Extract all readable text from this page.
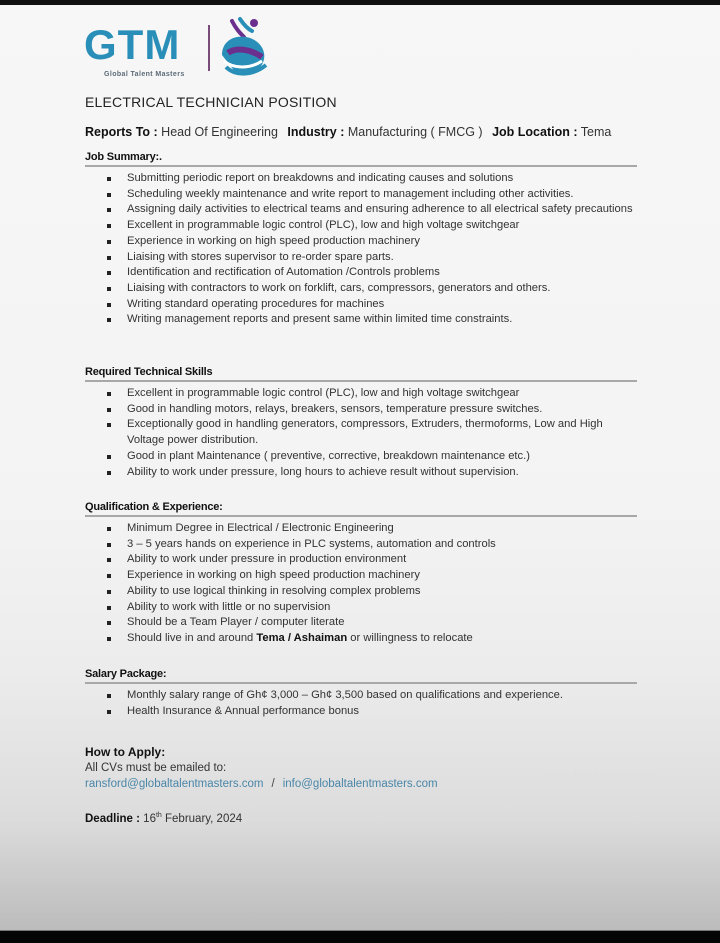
GTM
Global Talent Masters
ELECTRICAL TECHNICIAN POSITION
Reports To : Head Of Engineering Industry : Manufacturing ( FMCG ) Job Location : Tema
Job Summary:.
Submitting periodic report on breakdowns and indicating causes and solutions
Scheduling weekly maintenance and write report to management including other activities.
Assigning daily activities to electrical teams and ensuring adherence to all electrical safety precautions
Excellent in programmable logic control (PLC), low and high voltage switchgear
Experience in working on high speed production machinery
Liaising with stores supervisor to re-order spare parts.
Identification and rectification of Automation /Controls problems
Liaising with contractors to work on forklift, cars, compressors, generators and others.
Writing standard operating procedures for machines
Writing management reports and present same within limited time constraints.
Required Technical Skills
Excellent in programmable logic control (PLC), low and high voltage switchgear
Good in handling motors, relays, breakers, sensors, temperature pressure switches.
Exceptionally good in handling generators, compressors, Extruders, thermoforms, Low and High Voltage power distribution.
Good in plant Maintenance ( preventive, corrective, breakdown maintenance etc.)
Ability to work under pressure, long hours to achieve result without supervision.
Qualification & Experience:
Minimum Degree in Electrical / Electronic Engineering
3 – 5 years hands on experience in PLC systems, automation and controls
Ability to work under pressure in production environment
Experience in working on high speed production machinery
Ability to use logical thinking in resolving complex problems
Ability to work with little or no supervision
Should be a Team Player / computer literate
Should live in and around Tema / Ashaiman or willingness to relocate
Salary Package:
Monthly salary range of Gh¢ 3,000 – Gh¢ 3,500 based on qualifications and experience.
Health Insurance & Annual performance bonus
How to Apply:
All CVs must be emailed to:
ransford@globaltalentmasters.com / info@globaltalentmasters.com
Deadline : 16th February, 2024
♪ @jobsleright1
